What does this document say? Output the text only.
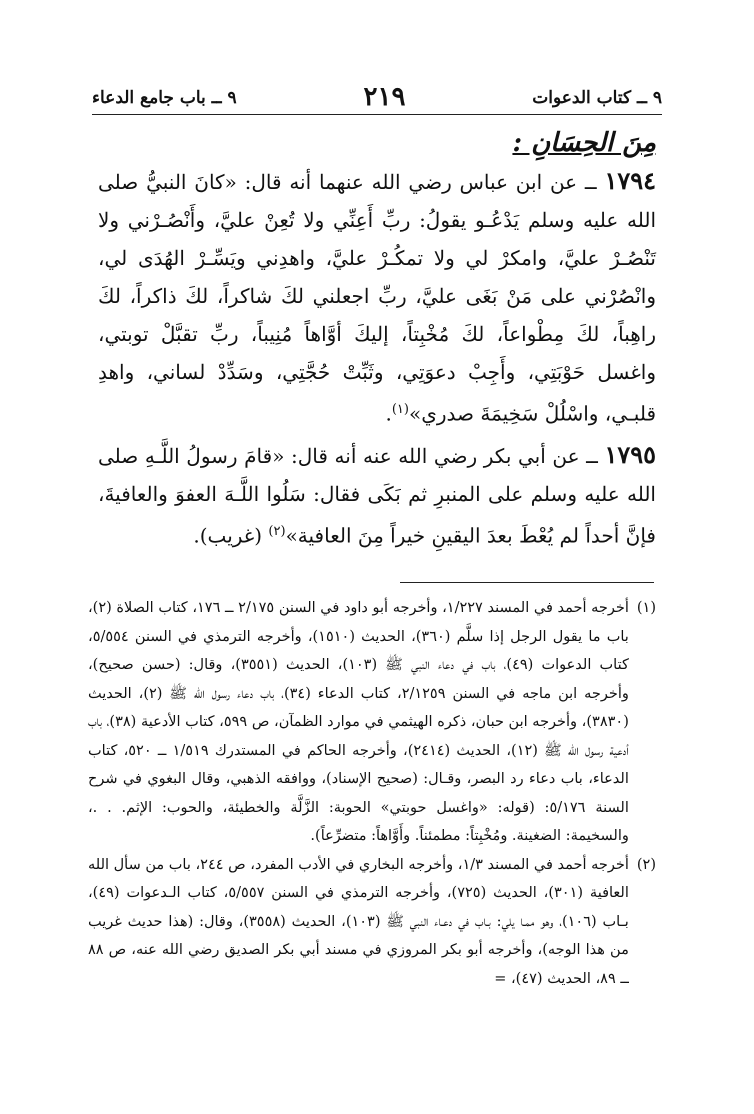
٩ ــ كتاب الدعوات
٢١٩
٩ ــ باب جامع الدعاء
مِنَ الحِسَانِ :
١٧٩٤ ــ عن ابن عباس رضي الله عنهما أنه قال: «كانَ النبيُّ صلى الله عليه وسلم يَدْعُـو يقولُ: ربِّ أَعِنِّي ولا تُعِنْ عليَّ، وأَنْصُـرْني ولا تَنْصُـرْ عليَّ، وامكرْ لي ولا تمكُـرْ عليَّ، واهدِني ويَسِّـرْ الهُدَى لي، وانْصُرْني على مَنْ بَغَى عليَّ، ربِّ اجعلني لكَ شاكراً، لكَ ذاكراً، لكَ راهِباً، لكَ مِطْواعاً، لكَ مُخْبِتاً، إليكَ أوَّاهاً مُنِيباً، ربِّ تقبَّلْ توبتي، واغسل حَوْبَتِي، وأَجِبْ دعوَتِي، وثَبِّتْ حُجَّتِي، وسَدِّدْ لساني، واهدِ قلبـي، واسْلُلْ سَخِيمَةَ صدري»$^{(١)}$.
١٧٩٥ ــ عن أبي بكر رضي الله عنه أنه قال: «قامَ رسولُ اللَّـهِ صلى الله عليه وسلم على المنبرِ ثم بَكَى فقال: سَلُوا اللَّـهَ العفوَ والعافيةَ، فإنَّ أحداً لم يُعْطَ بعدَ اليقينِ خيراً مِنَ العافية»$^{(٢)}$ (غريب).
(١)
أخرجه أحمد في المسند ١/٢٢٧، وأخرجه أبو داود في السنن ٢/١٧٥ ــ ١٧٦، كتاب الصلاة (٢)، باب ما يقول الرجل إذا سلَّم (٣٦٠)، الحديث (١٥١٠)، وأخرجه الترمذي في السنن ٥/٥٥٤، كتاب الدعوات (٤٩)، باب في دعاء النبي ﷺ (١٠٣)، الحديث (٣٥٥١)، وقال: (حسن صحيح)، وأخرجه ابن ماجه في السنن ٢/١٢٥٩، كتاب الدعاء (٣٤)، باب دعاء رسول الله ﷺ (٢)، الحديث (٣٨٣٠)، وأخرجه ابن حبان، ذكره الهيثمي في موارد الظمآن، ص ٥٩٩، كتاب الأدعية (٣٨)، باب أدعية رسول الله ﷺ (١٢)، الحديث (٢٤١٤)، وأخرجه الحاكم في المستدرك ١/٥١٩ ــ ٥٢٠، كتاب الدعاء، باب دعاء رد البصر، وقـال: (صحيح الإسناد)، ووافقه الذهبي، وقال البغوي في شرح السنة ٥/١٧٦: (قوله: «واغسل حوبتي» الحوبة: الزَّلَّة والخطيئة، والحوب: الإثم. . .، والسخيمة: الضغينة. ومُخْبِتاً: مطمئناً. وأَوَّاهاً: متضرِّعاً).
(٢)
أخرجه أحمد في المسند ١/٣، وأخرجه البخاري في الأدب المفرد، ص ٢٤٤، باب من سأل الله العافية (٣٠١)، الحديث (٧٢٥)، وأخرجه الترمذي في السنن ٥/٥٥٧، كتاب الـدعوات (٤٩)، بـاب (١٠٦)، وهو ممـا يلي: بـاب في دعـاء النبي ﷺ (١٠٣)، الحديث (٣٥٥٨)، وقال: (هذا حديث غريب من هذا الوجه)، وأخرجه أبو بكر المروزي في مسند أبي بكر الصديق رضي الله عنه، ص ٨٨ ــ ٨٩، الحديث (٤٧)، =
